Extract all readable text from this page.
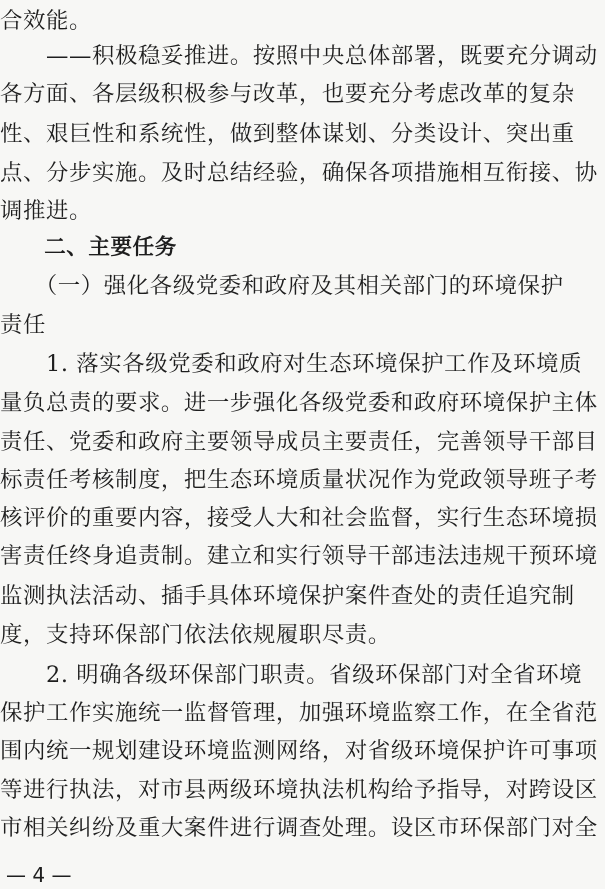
合效能。
　　——积极稳妥推进。按照中央总体部署，既要充分调动
各方面、各层级积极参与改革，也要充分考虑改革的复杂
性、艰巨性和系统性，做到整体谋划、分类设计、突出重
点、分步实施。及时总结经验，确保各项措施相互衔接、协
调推进。
　　二、主要任务
　　（一）强化各级党委和政府及其相关部门的环境保护
责任
　　1. 落实各级党委和政府对生态环境保护工作及环境质
量负总责的要求。进一步强化各级党委和政府环境保护主体
责任、党委和政府主要领导成员主要责任，完善领导干部目
标责任考核制度，把生态环境质量状况作为党政领导班子考
核评价的重要内容，接受人大和社会监督，实行生态环境损
害责任终身追责制。建立和实行领导干部违法违规干预环境
监测执法活动、插手具体环境保护案件查处的责任追究制
度，支持环保部门依法依规履职尽责。
　　2. 明确各级环保部门职责。省级环保部门对全省环境
保护工作实施统一监督管理，加强环境监察工作，在全省范
围内统一规划建设环境监测网络，对省级环境保护许可事项
等进行执法，对市县两级环境执法机构给予指导，对跨设区
市相关纠纷及重大案件进行调查处理。设区市环保部门对全
— 4 —
